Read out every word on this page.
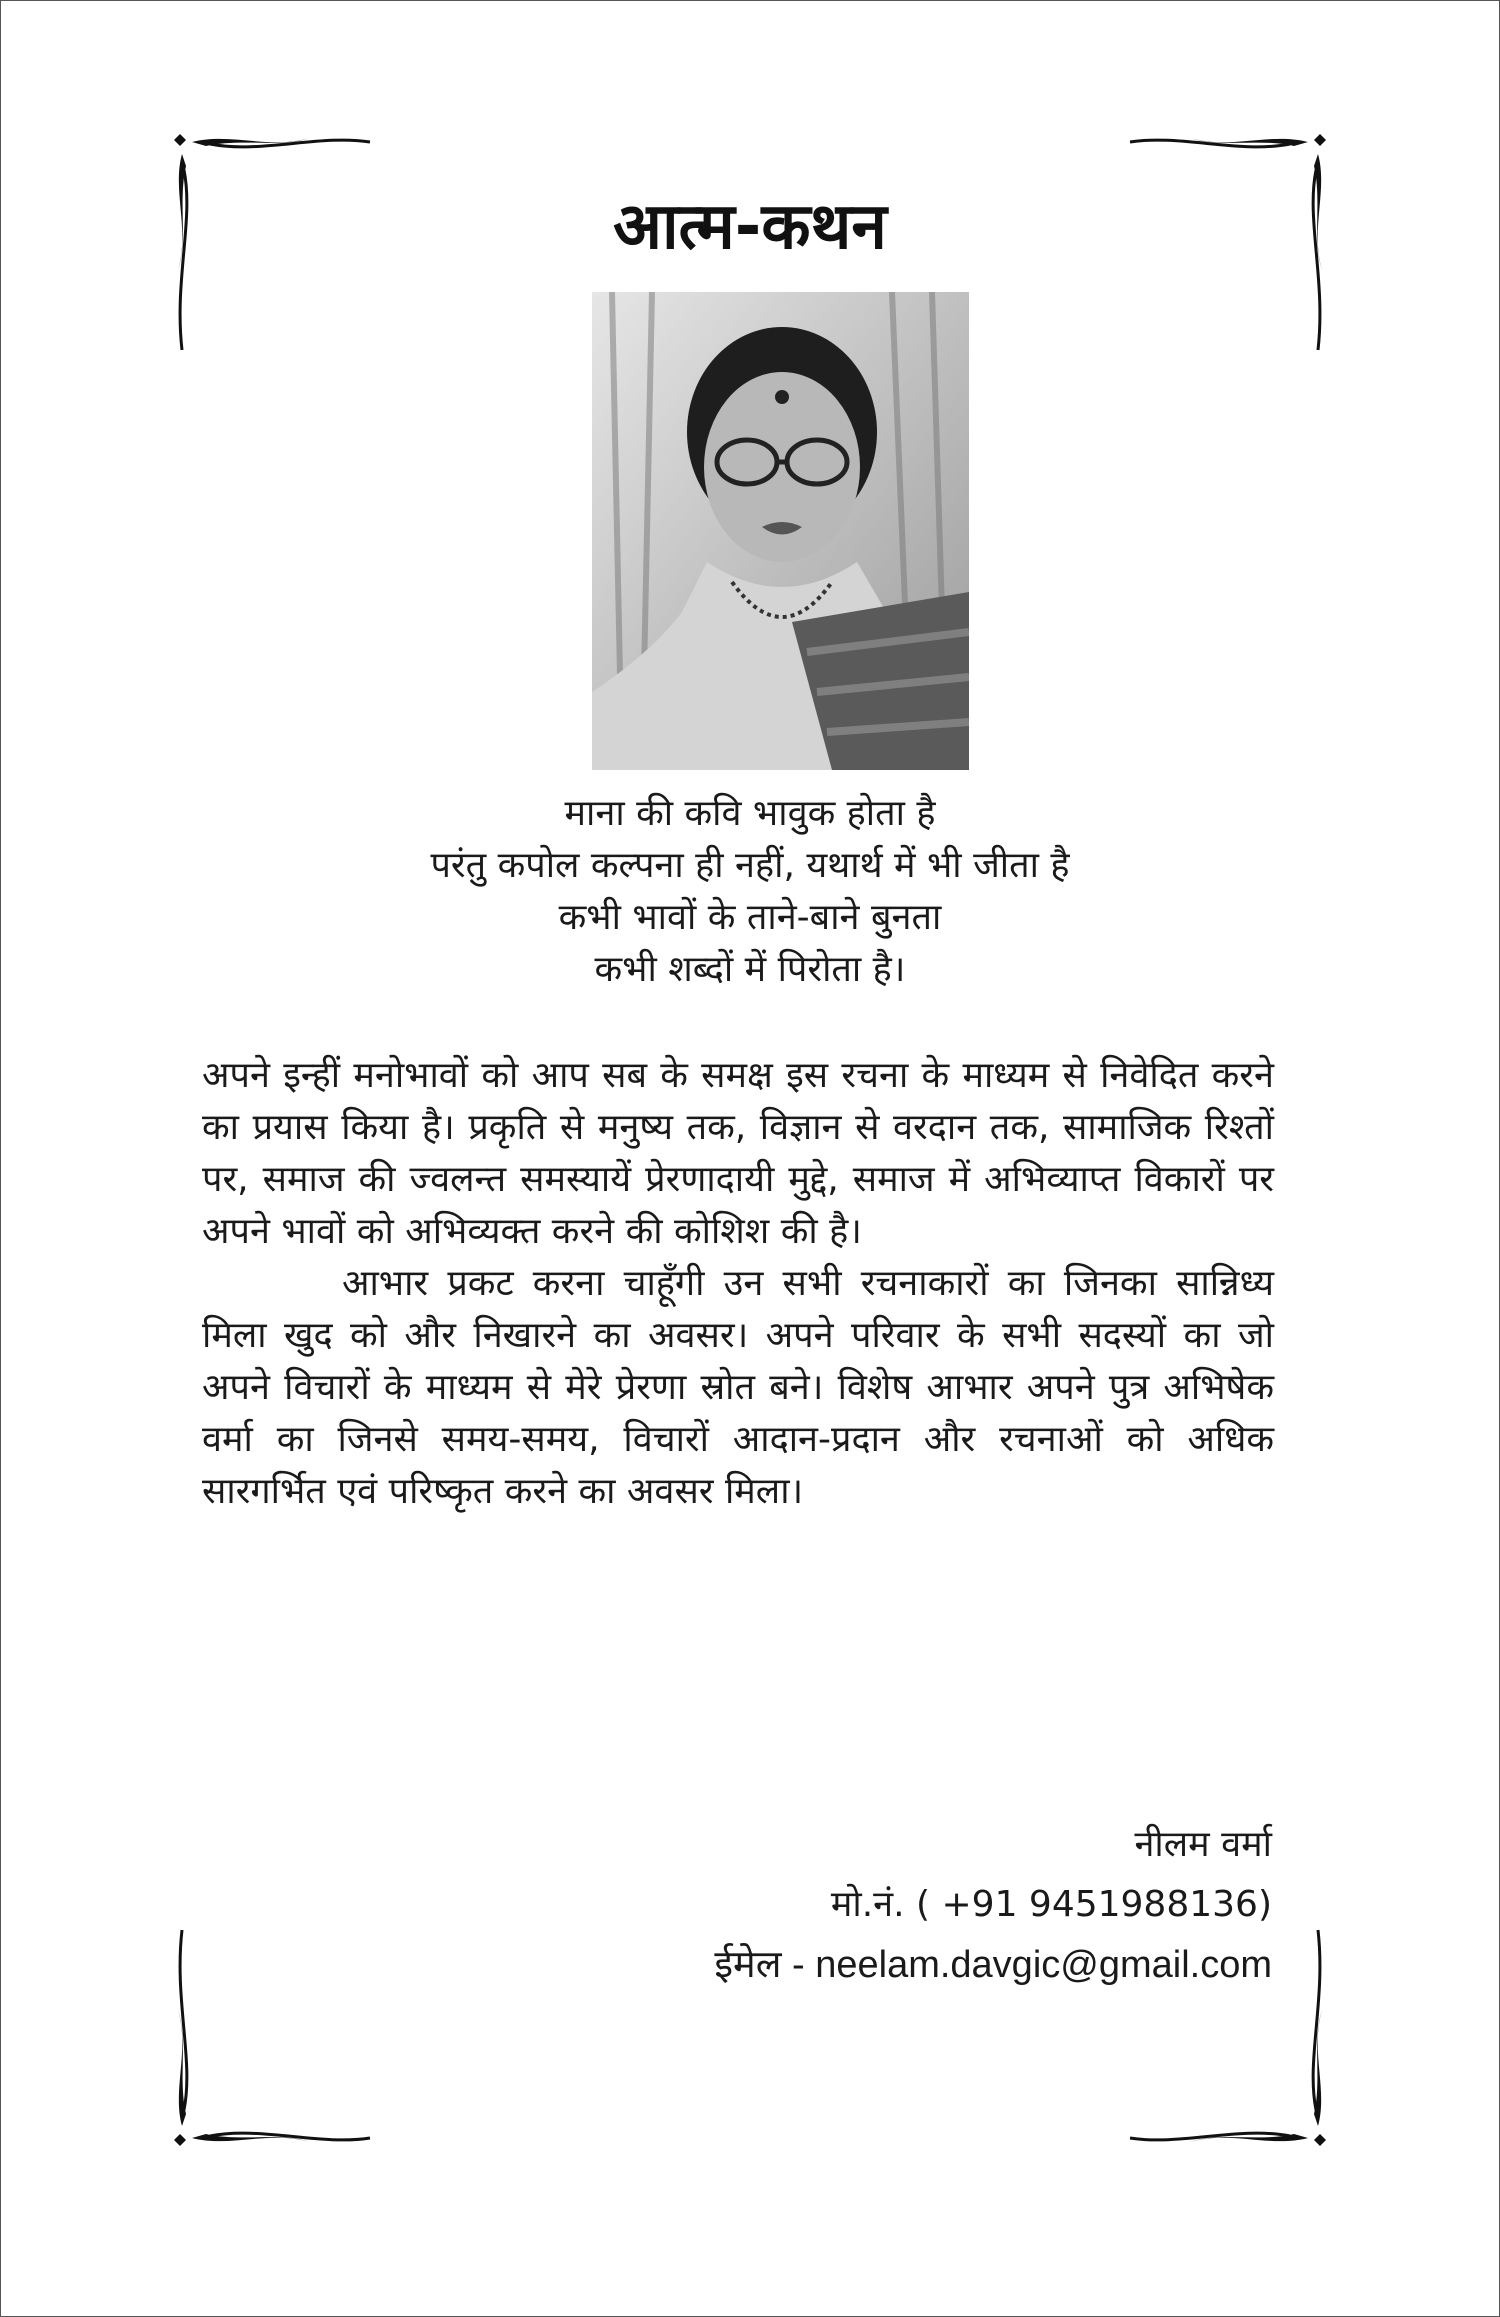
आत्म-कथन
माना की कवि भावुक होता है
परंतु कपोल कल्पना ही नहीं, यथार्थ में भी जीता है
कभी भावों के ताने-बाने बुनता
कभी शब्दों में पिरोता है।

अपने इन्हीं मनोभावों को आप सब के समक्ष इस रचना के माध्यम से निवेदित करने का प्रयास किया है। प्रकृति से मनुष्य तक, विज्ञान से वरदान तक, सामाजिक रिश्तों पर, समाज की ज्वलन्त समस्यायें प्रेरणादायी मुद्दे, समाज में अभिव्याप्त विकारों पर अपने भावों को अभिव्यक्त करने की कोशिश की है।

आभार प्रकट करना चाहूँगी उन सभी रचनाकारों का जिनका सान्निध्य मिला खुद को और निखारने का अवसर। अपने परिवार के सभी सदस्यों का जो अपने विचारों के माध्यम से मेरे प्रेरणा स्रोत बने। विशेष आभार अपने पुत्र अभिषेक वर्मा का जिनसे समय-समय, विचारों आदान-प्रदान और रचनाओं को अधिक सारगर्भित एवं परिष्कृत करने का अवसर मिला।

नीलम वर्मा
मो.नं. ( +91 9451988136)
ईमेल - neelam.davgic@gmail.com
